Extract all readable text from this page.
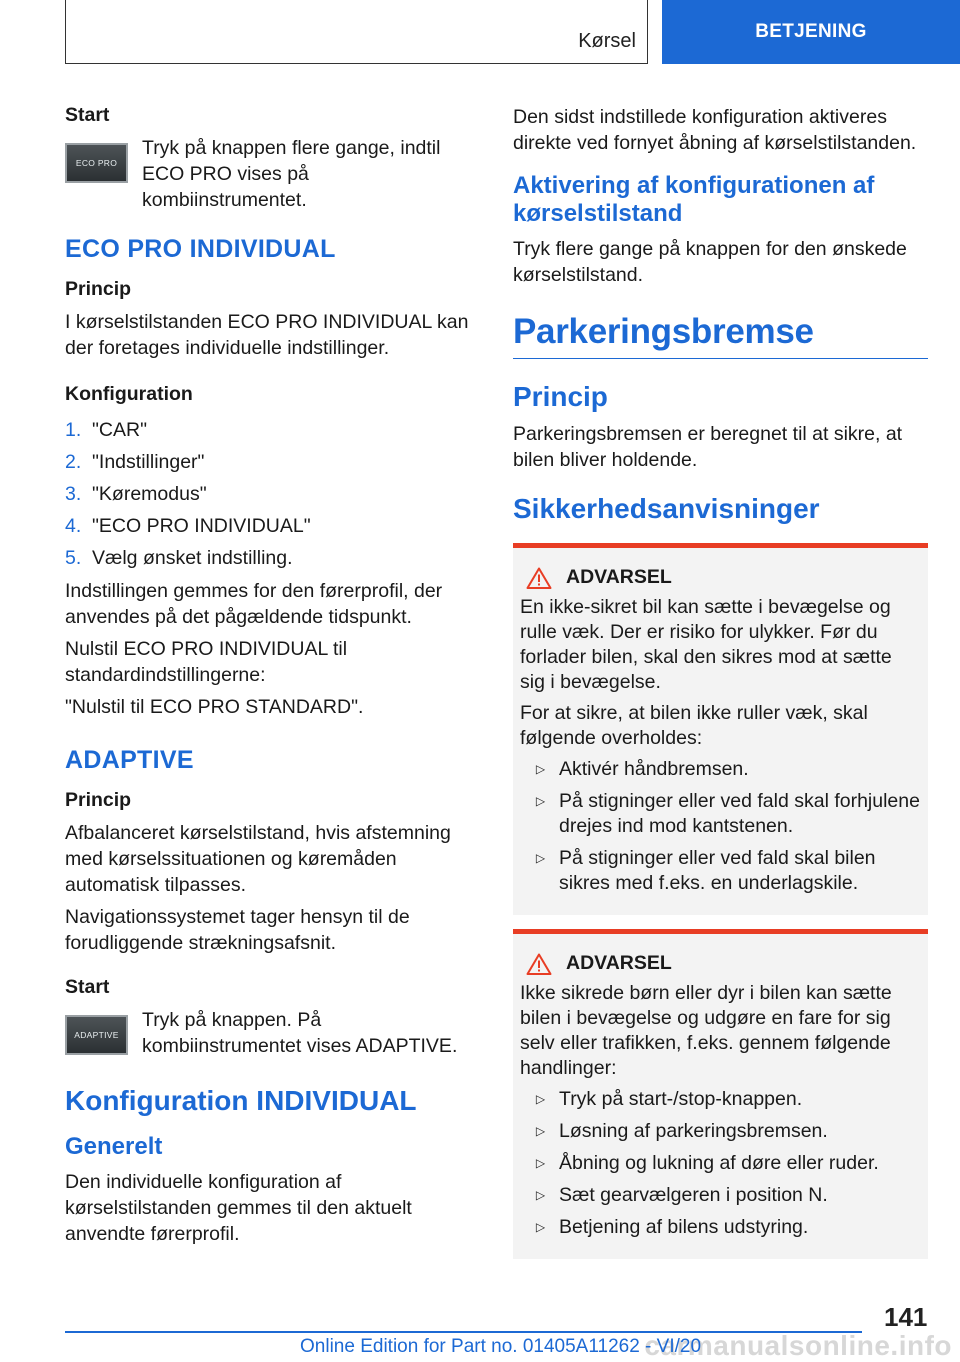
Kørsel	BETJENING
Start
ECO PRO
Tryk på knappen flere gange, indtil ECO PRO vises på kombiinstrumentet.
ECO PRO INDIVIDUAL
Princip

I kørselstilstanden ECO PRO INDIVIDUAL kan der foretages individuelle indstillinger.

Konfiguration
1. "CAR"
2. "Indstillinger"
3. "Køremodus"
4. "ECO PRO INDIVIDUAL"
5. Vælg ønsket indstilling.

Indstillingen gemmes for den førerprofil, der anvendes på det pågældende tidspunkt.

Nulstil ECO PRO INDIVIDUAL til standardindstillingerne:

"Nulstil til ECO PRO STANDARD".

ADAPTIVE
Princip

Afbalanceret kørselstilstand, hvis afstemning med kørselssituationen og køremåden automatisk tilpasses.

Navigationssystemet tager hensyn til de forudliggende strækningsafsnit.

Start
ADAPTIVE
Tryk på knappen. På kombiinstrumentet vises ADAPTIVE.
Konfiguration INDIVIDUAL
Generelt

Den individuelle konfiguration af kørselstilstanden gemmes til den aktuelt anvendte førerprofil.

Den sidst indstillede konfiguration aktiveres direkte ved fornyet åbning af kørselstilstanden.

Aktivering af konfigurationen af kørselstilstand

Tryk flere gange på knappen for den ønskede kørselstilstand.

Parkeringsbremse
Princip

Parkeringsbremsen er beregnet til at sikre, at bilen bliver holdende.

Sikkerhedsanvisninger
ADVARSEL

En ikke-sikret bil kan sætte i bevægelse og rulle væk. Der er risiko for ulykker. Før du forlader bilen, skal den sikres mod at sætte sig i bevægelse.

For at sikre, at bilen ikke ruller væk, skal følgende overholdes:

▷ Aktivér håndbremsen.
▷ På stigninger eller ved fald skal forhjulene drejes ind mod kantstenen.
▷ På stigninger eller ved fald skal bilen sikres med f.eks. en underlagskile.
ADVARSEL

Ikke sikrede børn eller dyr i bilen kan sætte bilen i bevægelse og udgøre en fare for sig selv eller trafikken, f.eks. gennem følgende handlinger:

▷ Tryk på start-/stop-knappen.
▷ Løsning af parkeringsbremsen.
▷ Åbning og lukning af døre eller ruder.
▷ Sæt gearvælgeren i position N.
▷ Betjening af bilens udstyring.
141
carmanualsonline.info
Online Edition for Part no. 01405A11262 - VI/20
